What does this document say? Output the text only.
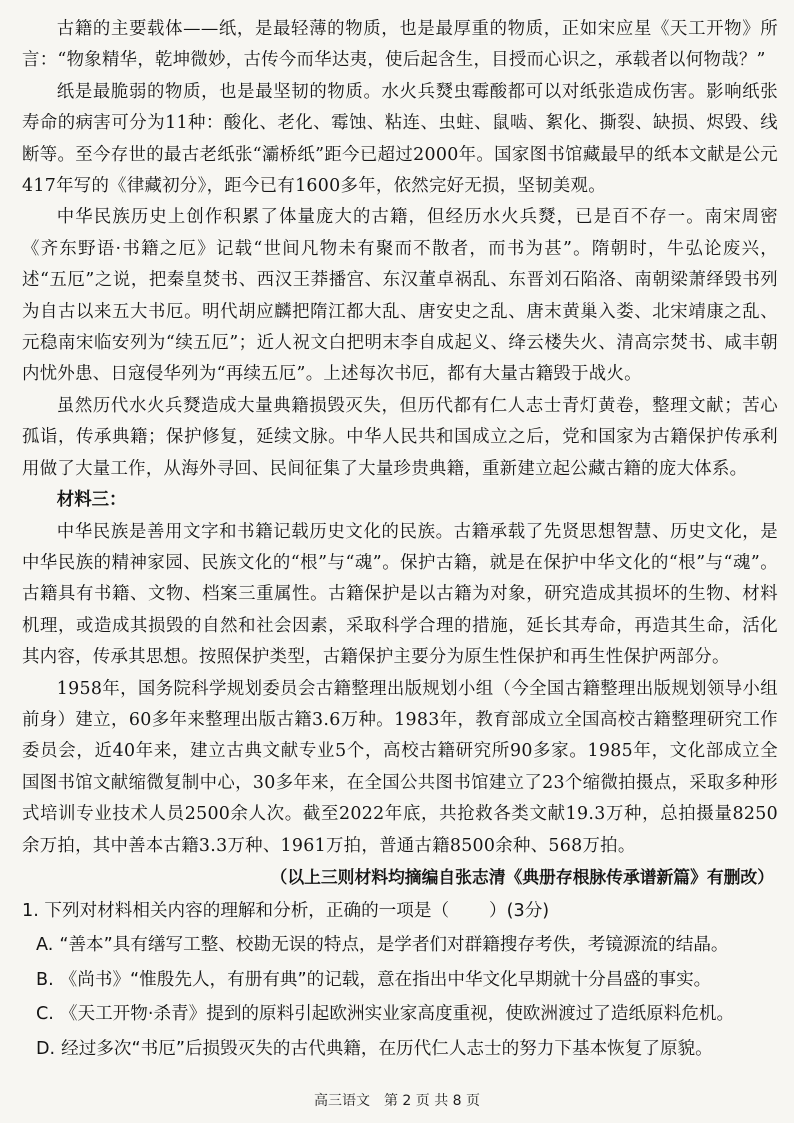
古籍的主要载体——纸，是最轻薄的物质，也是最厚重的物质，正如宋应星《天工开物》所言：“物象精华，乾坤微妙，古传今而华达夷，使后起含生，目授而心识之，承载者以何物哉？”

纸是最脆弱的物质，也是最坚韧的物质。水火兵燹虫霉酸都可以对纸张造成伤害。影响纸张寿命的病害可分为11种：酸化、老化、霉蚀、粘连、虫蛀、鼠啮、絮化、撕裂、缺损、烬毁、线断等。至今存世的最古老纸张“灞桥纸”距今已超过2000年。国家图书馆藏最早的纸本文献是公元417年写的《律藏初分》，距今已有1600多年，依然完好无损，坚韧美观。

中华民族历史上创作积累了体量庞大的古籍，但经历水火兵燹，已是百不存一。南宋周密《齐东野语·书籍之厄》记载“世间凡物未有聚而不散者，而书为甚”。隋朝时，牛弘论废兴，述“五厄”之说，把秦皇焚书、西汉王莽播宫、东汉董卓祸乱、东晋刘石陷洛、南朝梁萧绎毁书列为自古以来五大书厄。明代胡应麟把隋江都大乱、唐安史之乱、唐末黄巢入娄、北宋靖康之乱、元稳南宋临安列为“续五厄”；近人祝文白把明末李自成起义、绛云楼失火、清高宗焚书、咸丰朝内忧外患、日寇侵华列为“再续五厄”。上述每次书厄，都有大量古籍毁于战火。

虽然历代水火兵燹造成大量典籍损毁灭失，但历代都有仁人志士青灯黄卷，整理文献；苦心孤诣，传承典籍；保护修复，延续文脉。中华人民共和国成立之后，党和国家为古籍保护传承利用做了大量工作，从海外寻回、民间征集了大量珍贵典籍，重新建立起公藏古籍的庞大体系。

材料三：

中华民族是善用文字和书籍记载历史文化的民族。古籍承载了先贤思想智慧、历史文化，是中华民族的精神家园、民族文化的“根”与“魂”。保护古籍，就是在保护中华文化的“根”与“魂”。古籍具有书籍、文物、档案三重属性。古籍保护是以古籍为对象，研究造成其损坏的生物、材料机理，或造成其损毁的自然和社会因素，采取科学合理的措施，延长其寿命，再造其生命，活化其内容，传承其思想。按照保护类型，古籍保护主要分为原生性保护和再生性保护两部分。

1958年，国务院科学规划委员会古籍整理出版规划小组（今全国古籍整理出版规划领导小组前身）建立，60多年来整理出版古籍3.6万种。1983年，教育部成立全国高校古籍整理研究工作委员会，近40年来，建立古典文献专业5个，高校古籍研究所90多家。1985年，文化部成立全国图书馆文献缩微复制中心，30多年来，在全国公共图书馆建立了23个缩微拍摄点，采取多种形式培训专业技术人员2500余人次。截至2022年底，共抢救各类文献19.3万种，总拍摄量8250余万拍，其中善本古籍3.3万种、1961万拍，普通古籍8500余种、568万拍。

（以上三则材料均摘编自张志清《典册存根脉传承谱新篇》有删改）

1. 下列对材料相关内容的理解和分析，正确的一项是（ ）(3分)

A. “善本”具有缮写工整、校勘无误的特点，是学者们对群籍搜存考佚，考镜源流的结晶。

B. 《尚书》“惟殷先人，有册有典”的记载，意在指出中华文化早期就十分昌盛的事实。

C. 《天工开物·杀青》提到的原料引起欧洲实业家高度重视，使欧洲渡过了造纸原料危机。

D. 经过多次“书厄”后损毁灭失的古代典籍，在历代仁人志士的努力下基本恢复了原貌。

高三语文　第 2 页 共 8 页
